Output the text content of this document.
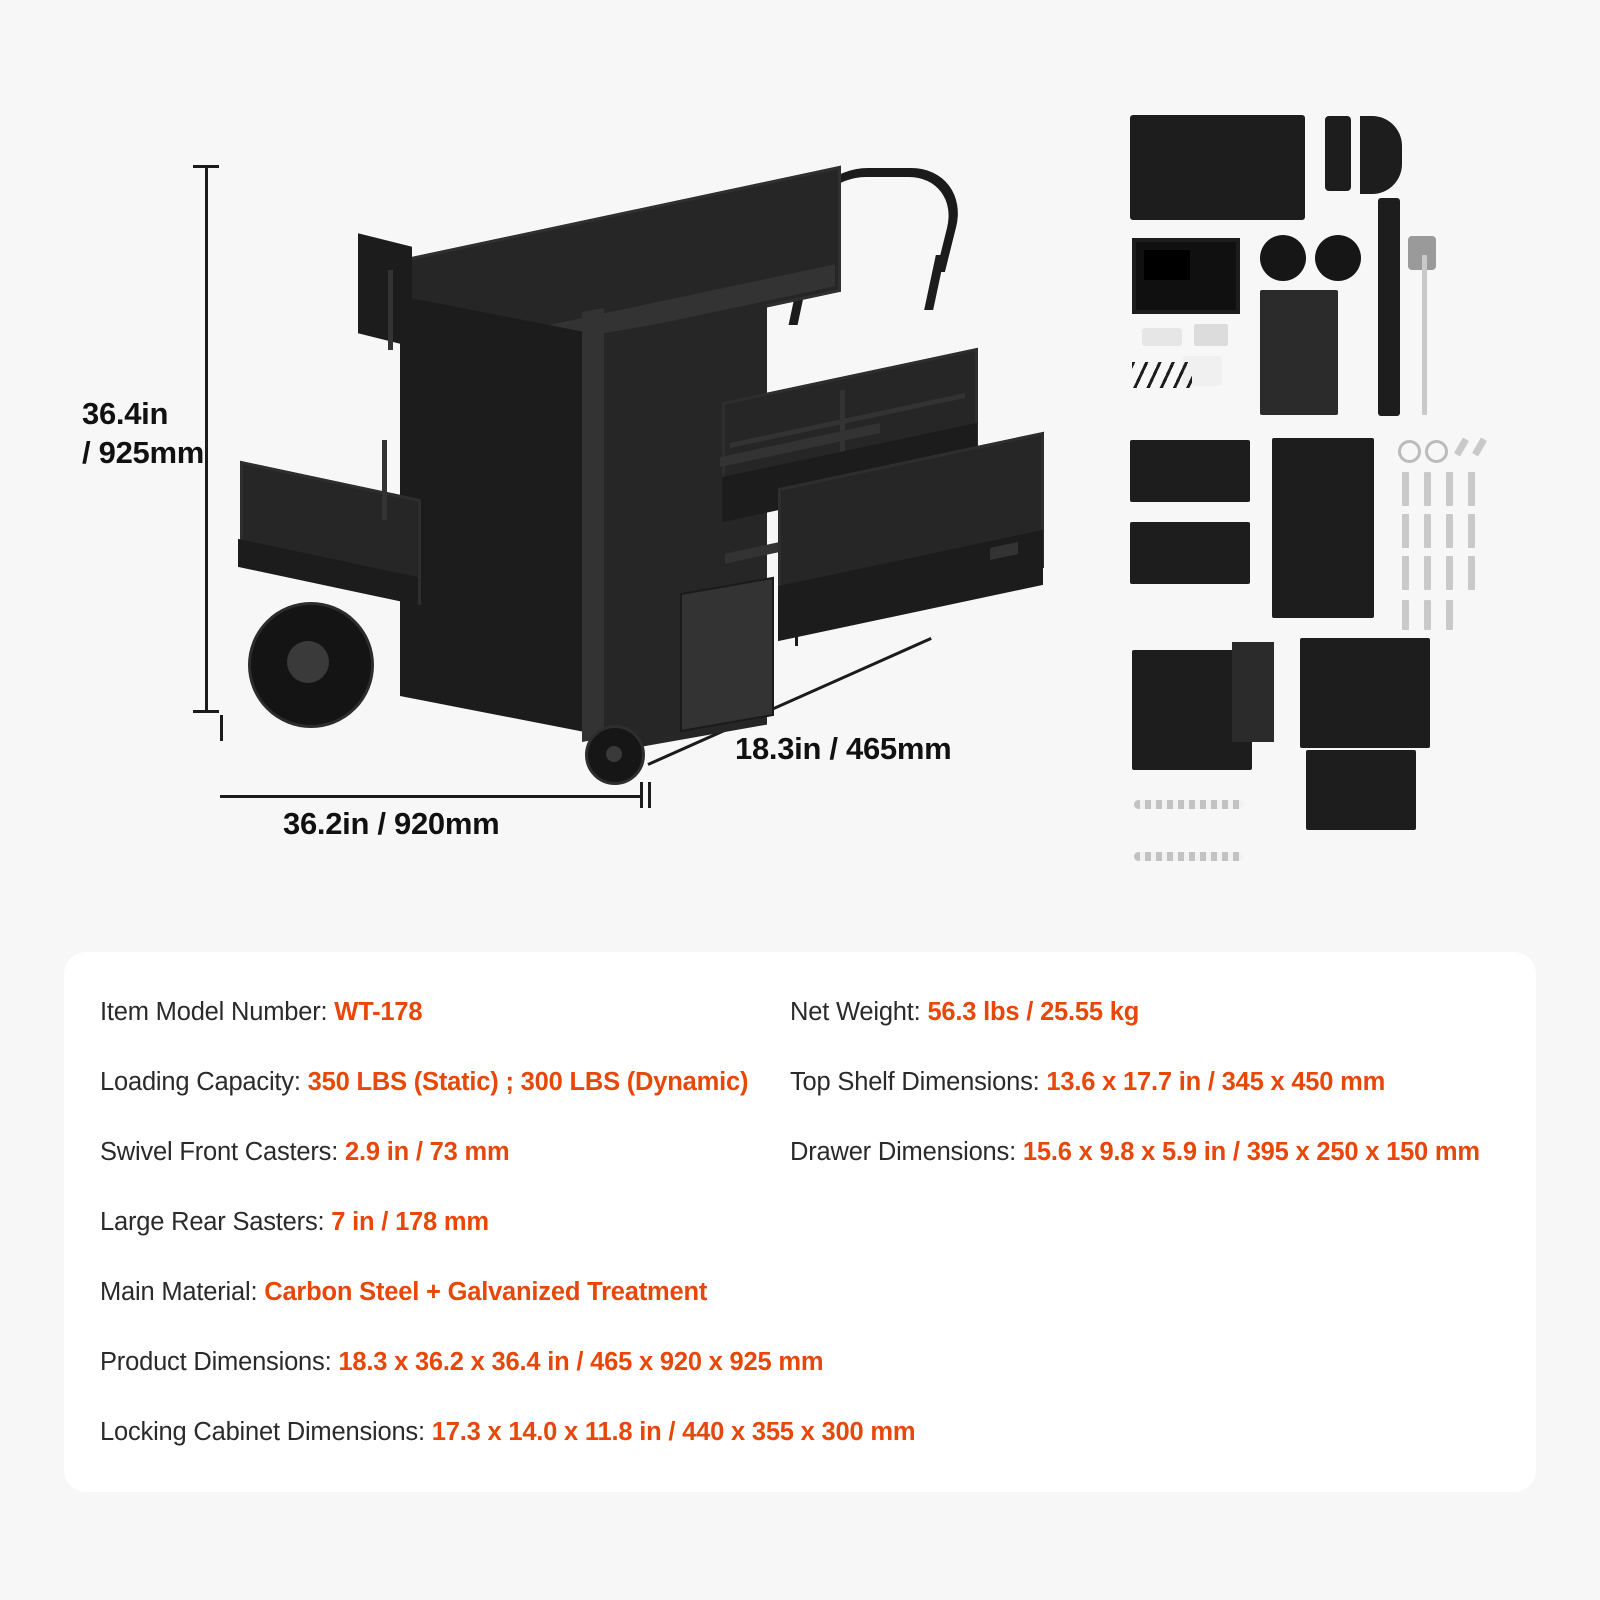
36.4in
/ 925mm
36.2in / 920mm
18.3in / 465mm
Item Model Number: WT-178
Loading Capacity: 350 LBS (Static) ; 300 LBS (Dynamic)
Swivel Front Casters: 2.9 in / 73 mm
Large Rear Sasters: 7 in / 178 mm
Main Material: Carbon Steel + Galvanized Treatment
Product Dimensions: 18.3 x 36.2 x 36.4 in / 465 x 920 x 925 mm
Locking Cabinet Dimensions: 17.3 x 14.0 x 11.8 in / 440 x 355 x 300 mm
Net Weight: 56.3 lbs / 25.55 kg
Top Shelf Dimensions: 13.6 x 17.7 in / 345 x 450 mm
Drawer Dimensions: 15.6 x 9.8 x 5.9 in / 395 x 250 x 150 mm
